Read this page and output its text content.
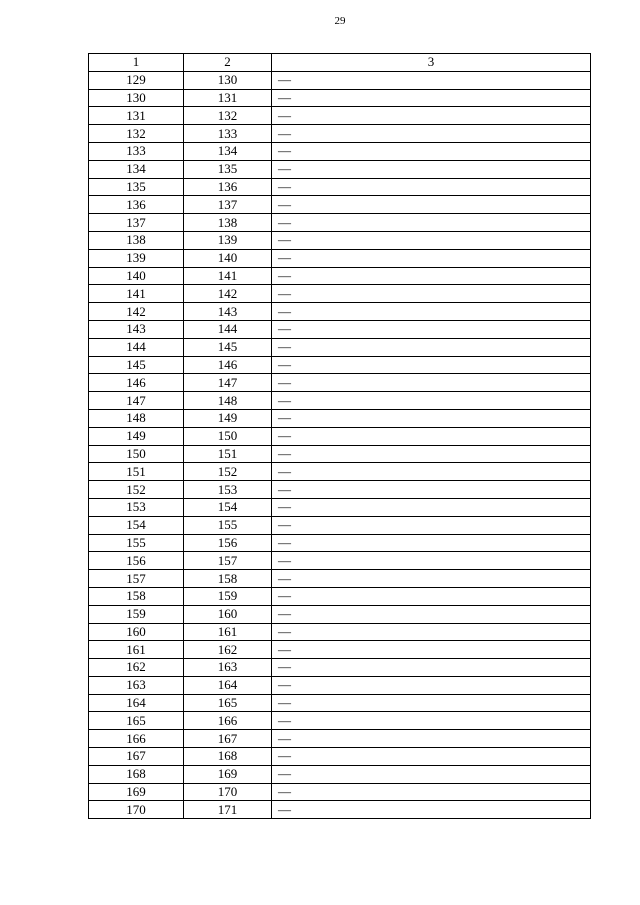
29
1	2	3
129	130	—
130	131	—
131	132	—
132	133	—
133	134	—
134	135	—
135	136	—
136	137	—
137	138	—
138	139	—
139	140	—
140	141	—
141	142	—
142	143	—
143	144	—
144	145	—
145	146	—
146	147	—
147	148	—
148	149	—
149	150	—
150	151	—
151	152	—
152	153	—
153	154	—
154	155	—
155	156	—
156	157	—
157	158	—
158	159	—
159	160	—
160	161	—
161	162	—
162	163	—
163	164	—
164	165	—
165	166	—
166	167	—
167	168	—
168	169	—
169	170	—
170	171	—
